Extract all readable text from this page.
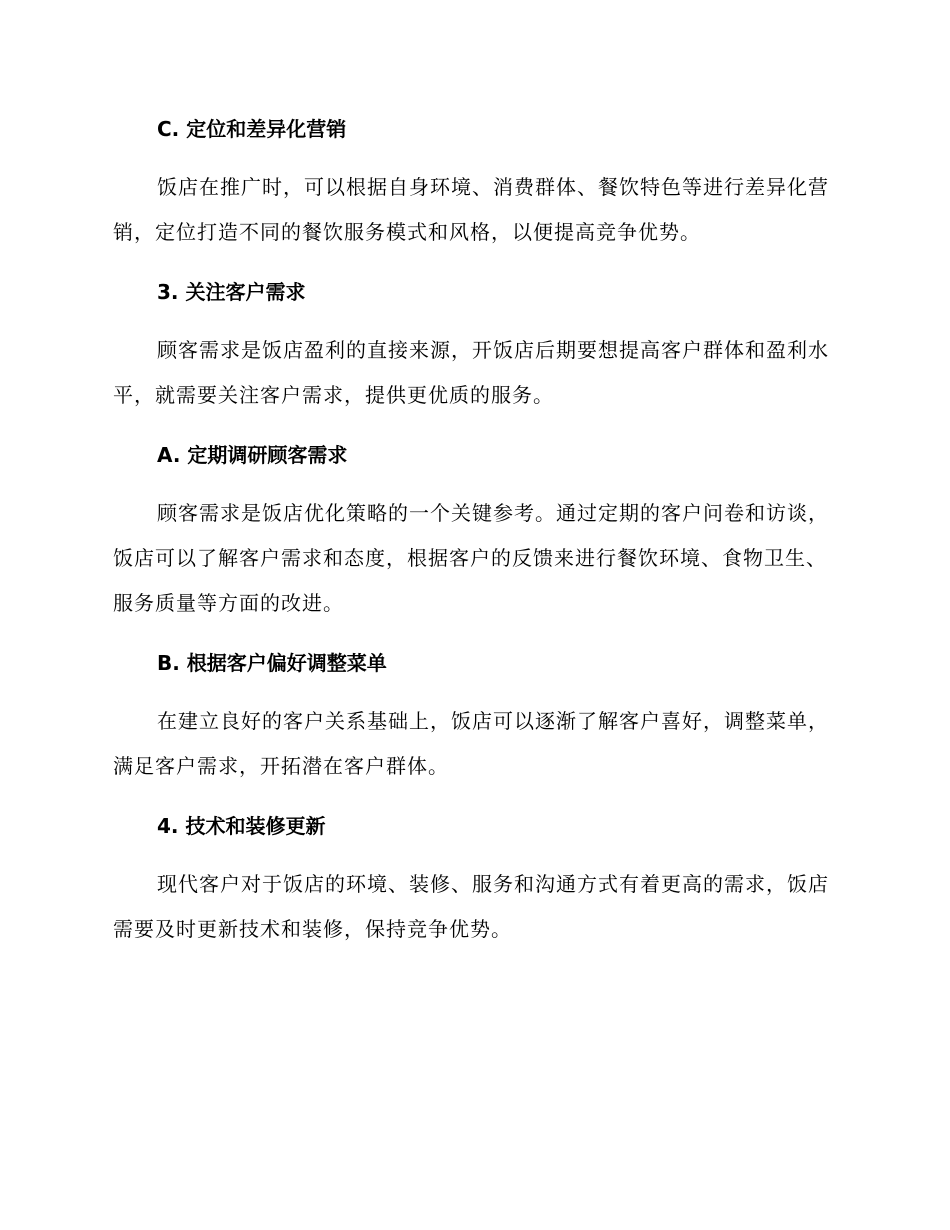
C. 定位和差异化营销

饭店在推广时，可以根据自身环境、消费群体、餐饮特色等进行差异化营销，定位打造不同的餐饮服务模式和风格，以便提高竞争优势。

3. 关注客户需求

顾客需求是饭店盈利的直接来源，开饭店后期要想提高客户群体和盈利水平，就需要关注客户需求，提供更优质的服务。

A. 定期调研顾客需求

顾客需求是饭店优化策略的一个关键参考。通过定期的客户问卷和访谈，饭店可以了解客户需求和态度，根据客户的反馈来进行餐饮环境、食物卫生、服务质量等方面的改进。

B. 根据客户偏好调整菜单

在建立良好的客户关系基础上，饭店可以逐渐了解客户喜好，调整菜单，满足客户需求，开拓潜在客户群体。

4. 技术和装修更新

现代客户对于饭店的环境、装修、服务和沟通方式有着更高的需求，饭店需要及时更新技术和装修，保持竞争优势。
